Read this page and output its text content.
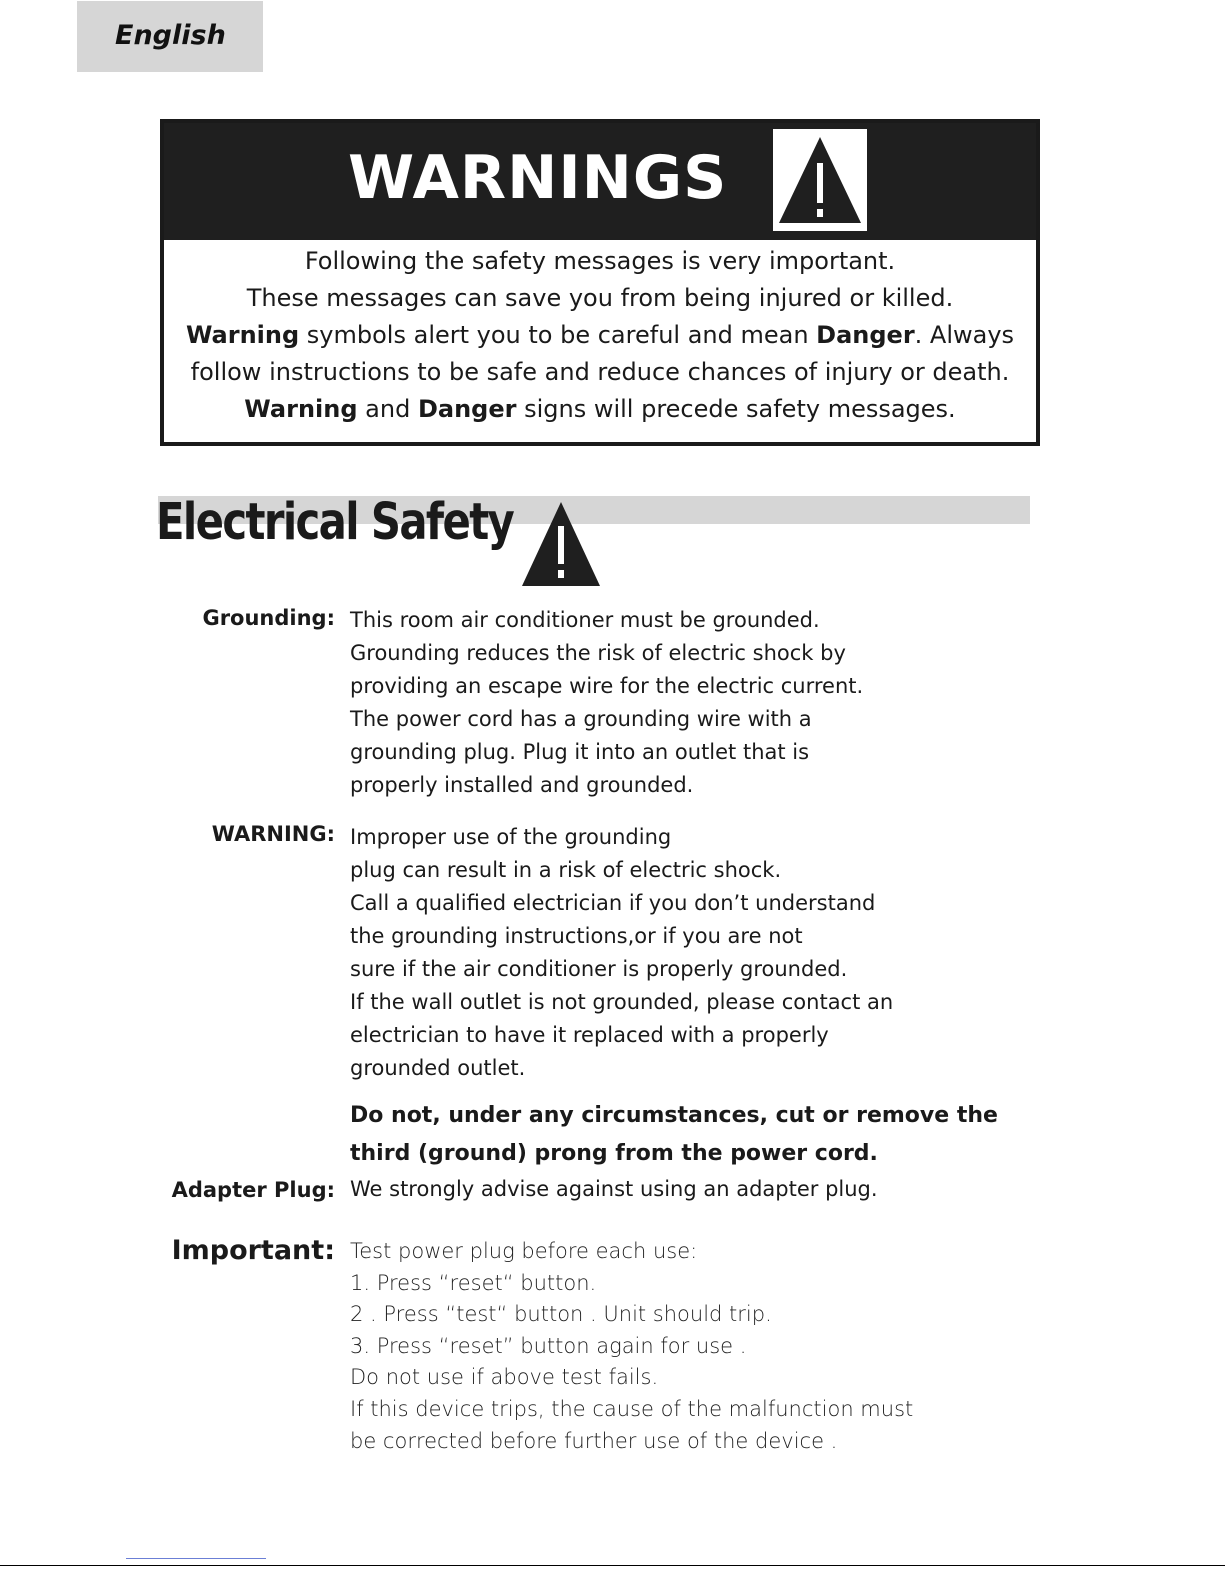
English
WARNINGS
Following the safety messages is very important.
These messages can save you from being injured or killed.
Warning symbols alert you to be careful and mean Danger. Always
follow instructions to be safe and reduce chances of injury or death.
Warning and Danger signs will precede safety messages.
Electrical Safety
Grounding: This room air conditioner must be grounded.
Grounding reduces the risk of electric shock by
providing an escape wire for the electric current.
The power cord has a grounding wire with a
grounding plug. Plug it into an outlet that is
properly installed and grounded.
WARNING: Improper use of the grounding
plug can result in a risk of electric shock.
Call a qualified electrician if you don’t understand
the grounding instructions,or if you are not
sure if the air conditioner is properly grounded.
If the wall outlet is not grounded, please contact an
electrician to have it replaced with a properly
grounded outlet.
Do not, under any circumstances, cut or remove the
third (ground) prong from the power cord.
Adapter Plug: We strongly advise against using an adapter plug.
Important: Test power plug before each use:
1. Press “reset“ button.
2 . Press “test“ button . Unit should trip.
3. Press “reset” button again for use .
Do not use if above test fails.
If this device trips, the cause of the malfunction must
be corrected before further use of the device .
